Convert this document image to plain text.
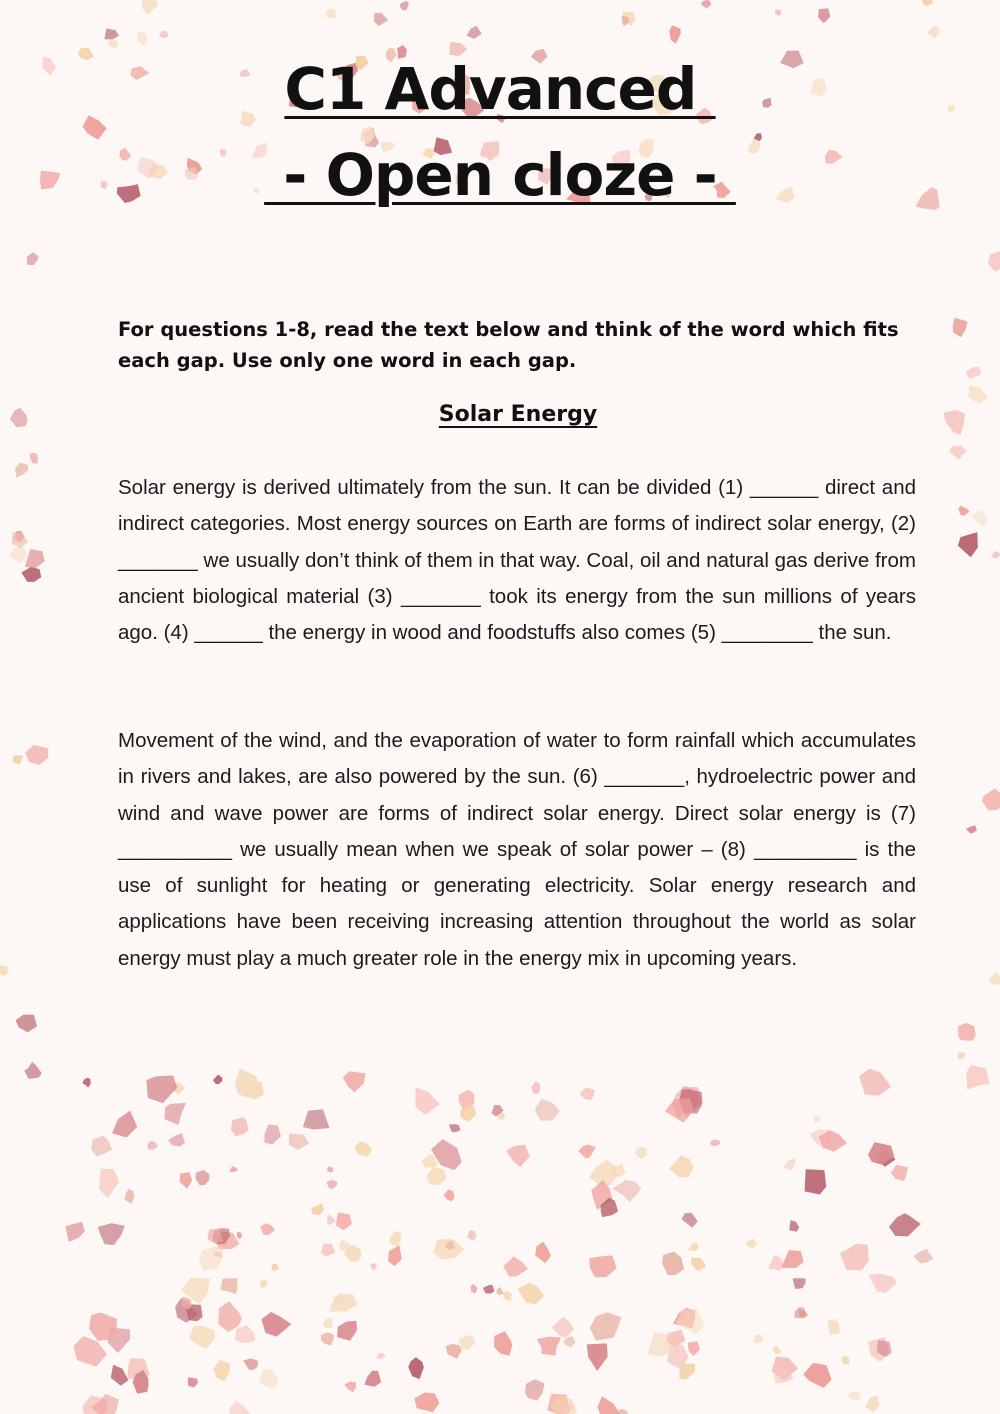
C1 Advanced
- Open cloze -
For questions 1-8, read the text below and think of the word which fits each gap. Use only one word in each gap.
Solar Energy

Solar energy is derived ultimately from the sun. It can be divided (1) ______ direct and indirect categories. Most energy sources on Earth are forms of indirect solar energy, (2) _______ we usually don’t think of them in that way. Coal, oil and natural gas derive from ancient biological material (3) _______ took its energy from the sun millions of years ago. (4) ______ the energy in wood and foodstuffs also comes (5) ________ the sun.

Movement of the wind, and the evaporation of water to form rainfall which accumulates in rivers and lakes, are also powered by the sun. (6) _______, hydroelectric power and wind and wave power are forms of indirect solar energy. Direct solar energy is (7) __________ we usually mean when we speak of solar power – (8) _________ is the use of sunlight for heating or generating electricity. Solar energy research and applications have been receiving increasing attention throughout the world as solar energy must play a much greater role in the energy mix in upcoming years.
